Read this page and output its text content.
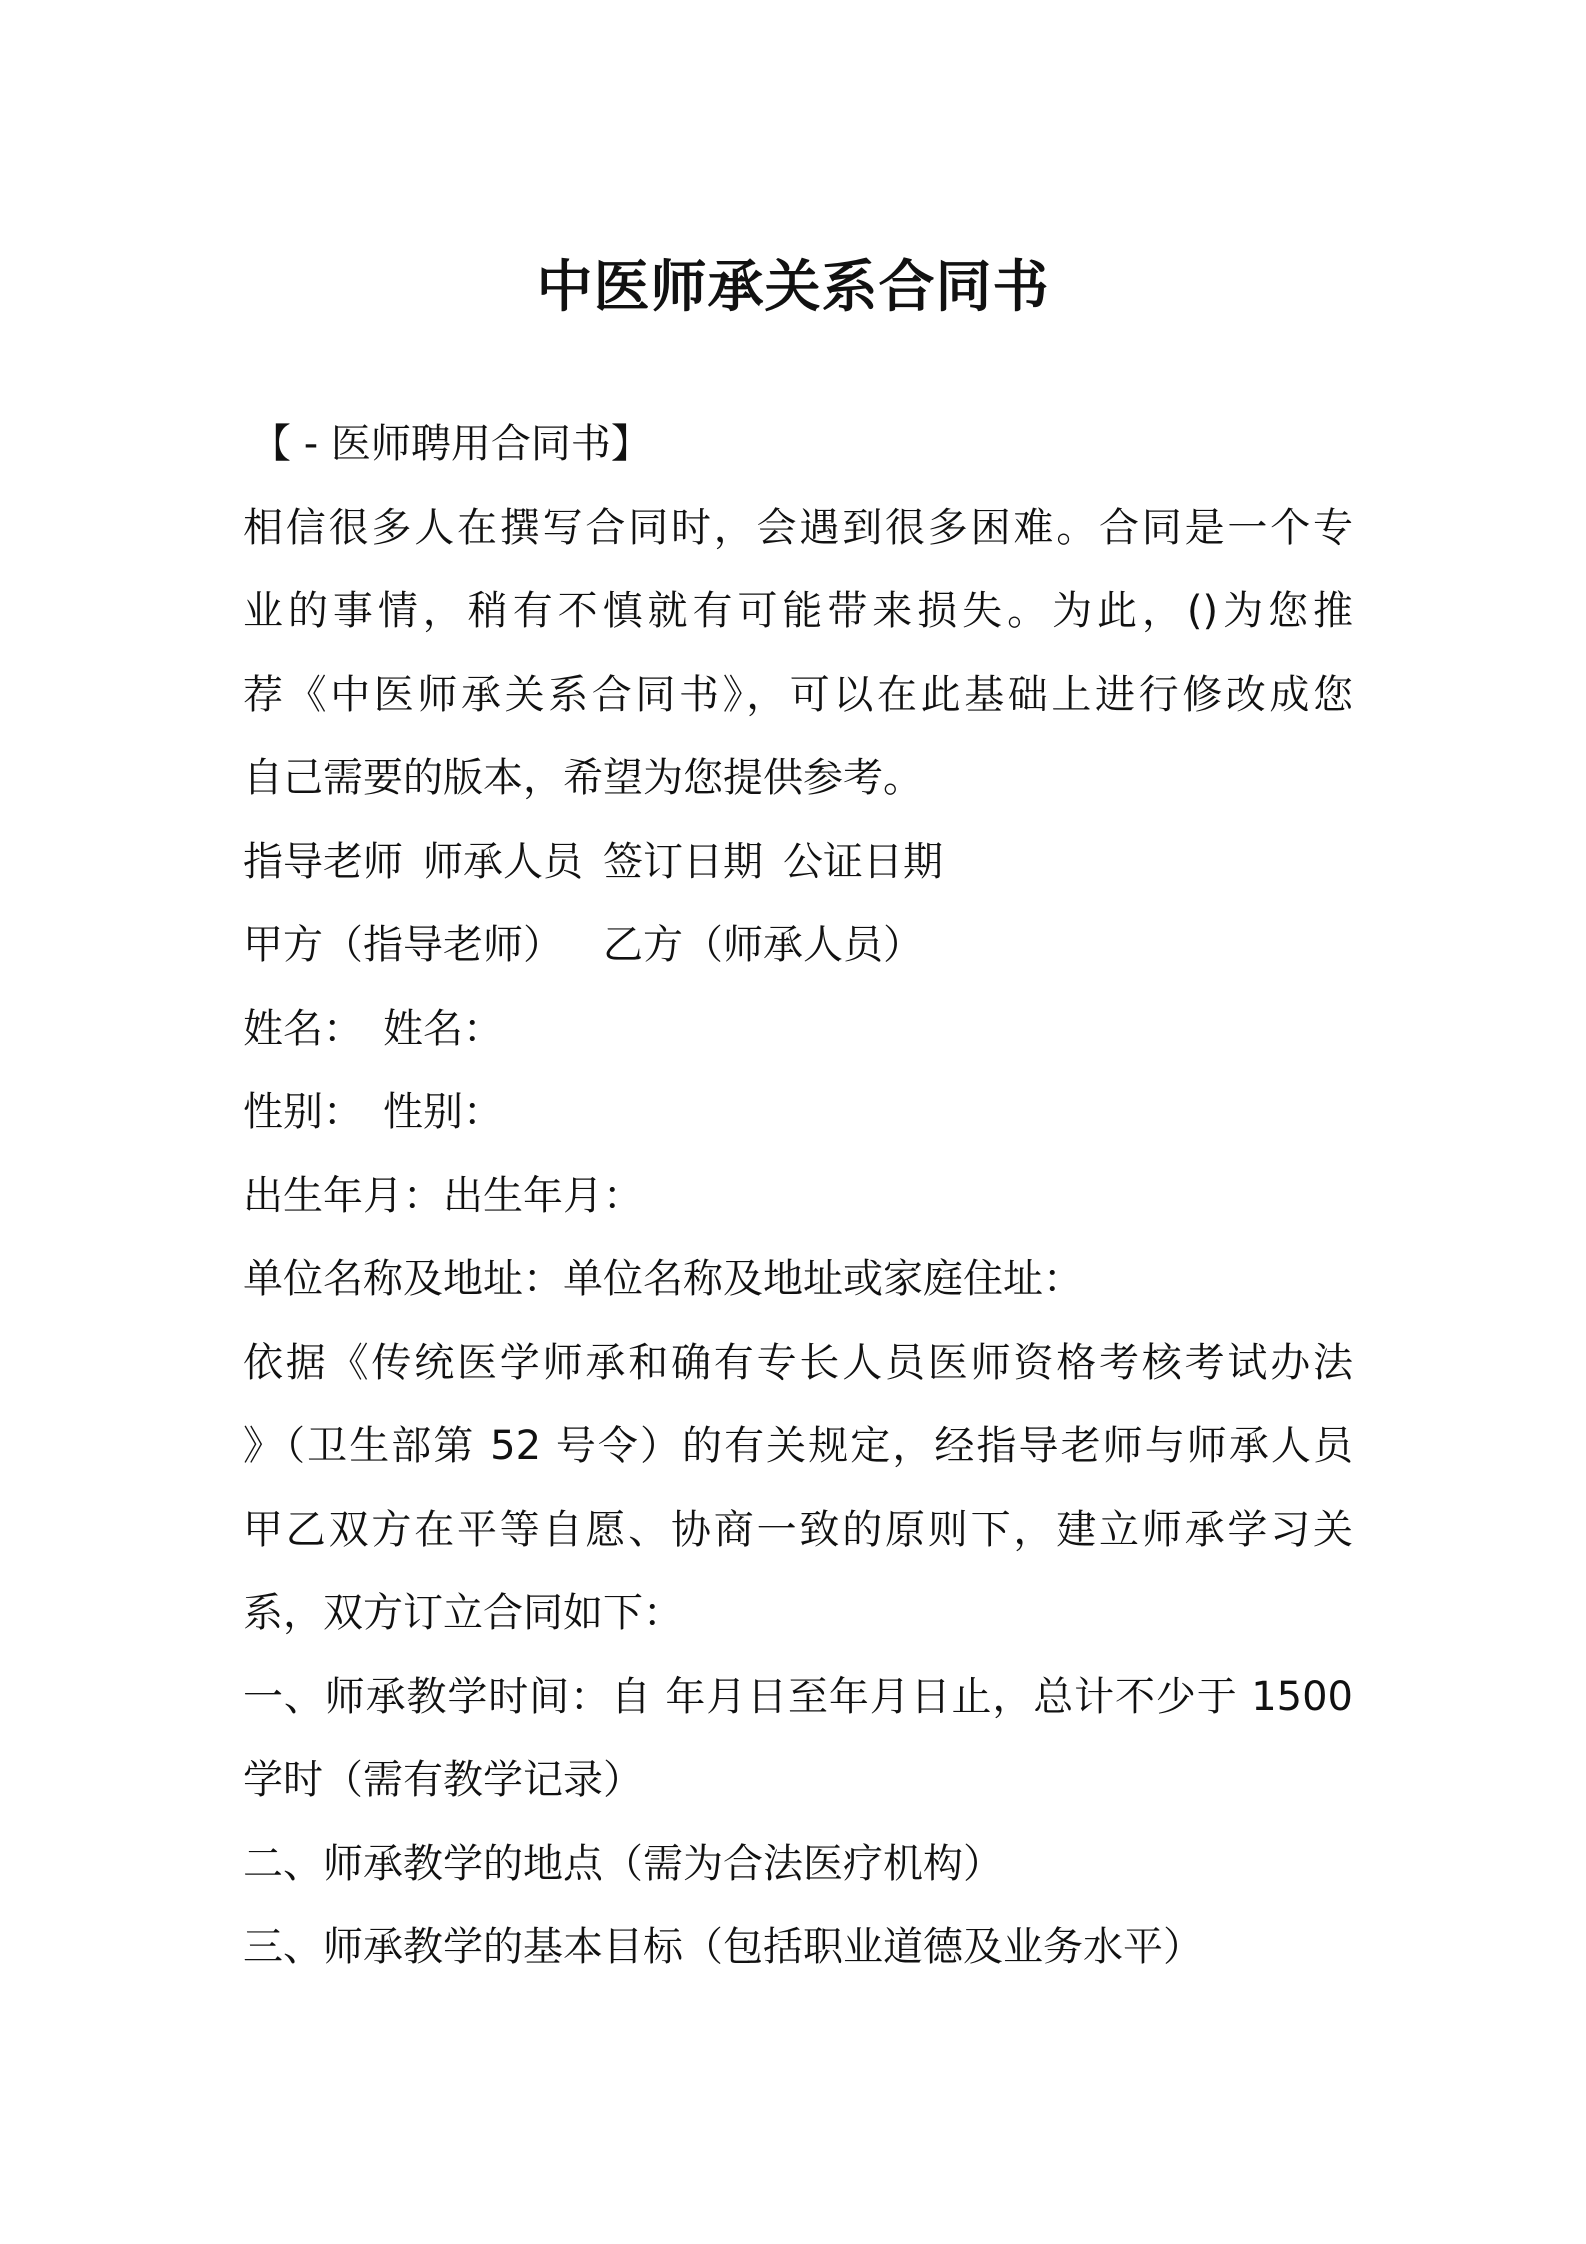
中医师承关系合同书
【 - 医师聘用合同书】
相信很多人在撰写合同时，会遇到很多困难。合同是一个专
业的事情，稍有不慎就有可能带来损失。为此，()为您推
荐《中医师承关系合同书》，可以在此基础上进行修改成您
自己需要的版本，希望为您提供参考。
指导老师 师承人员 签订日期 公证日期
甲方（指导老师） 乙方（师承人员）
姓名： 姓名：
性别： 性别：
出生年月：出生年月：
单位名称及地址：单位名称及地址或家庭住址：
依据《传统医学师承和确有专长人员医师资格考核考试办法
》（卫生部第 52 号令）的有关规定，经指导老师与师承人员
甲乙双方在平等自愿、协商一致的原则下，建立师承学习关
系，双方订立合同如下：
一、师承教学时间：自 年月日至年月日止，总计不少于 1500
学时（需有教学记录）
二、师承教学的地点（需为合法医疗机构）
三、师承教学的基本目标（包括职业道德及业务水平）
